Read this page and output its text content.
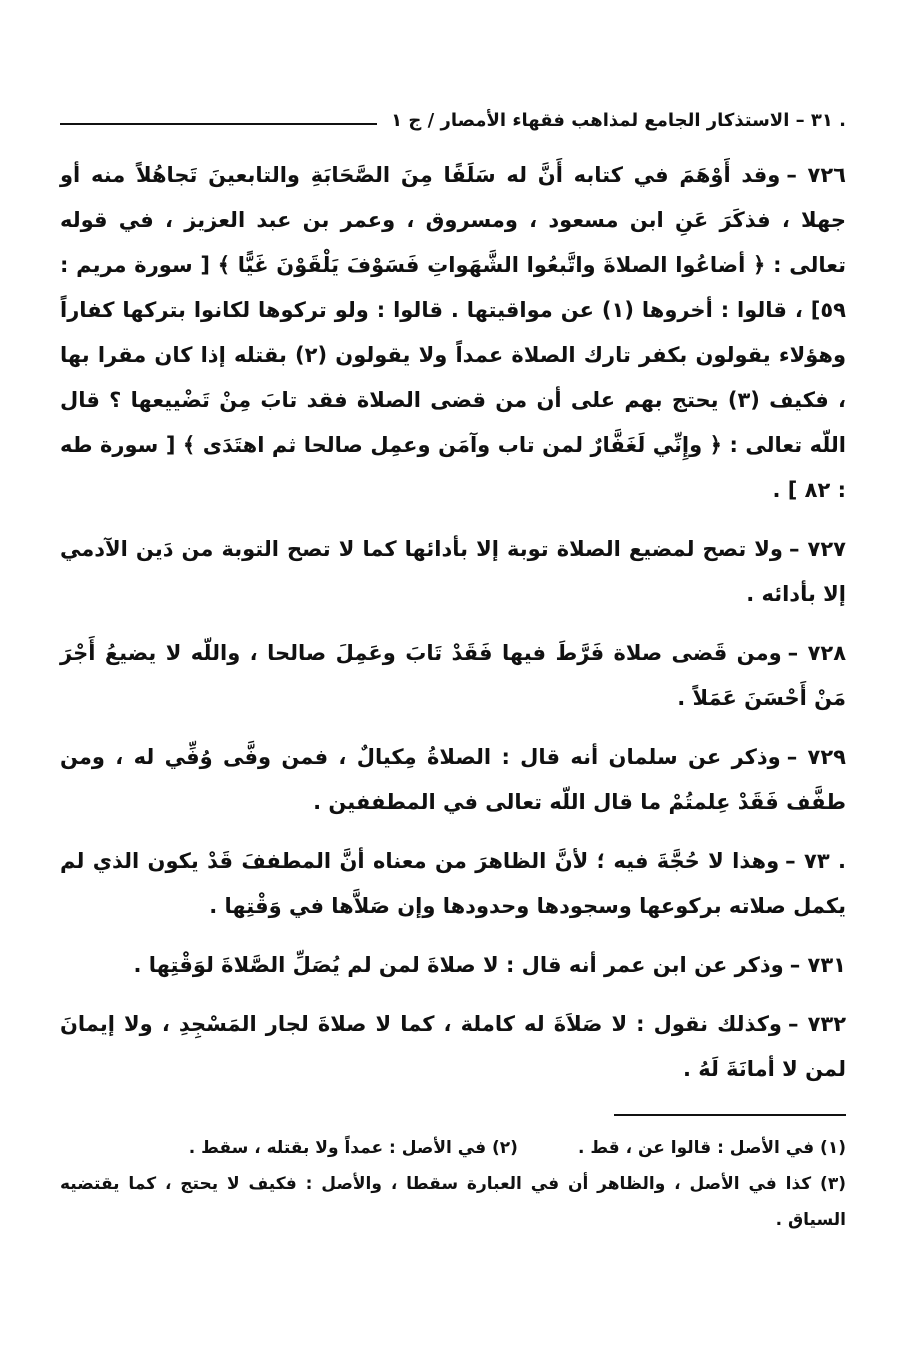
. ٣١ – الاستذكار الجامع لمذاهب فقهاء الأمصار / ج ١

٧٢٦ –وقد أَوْهَمَ في كتابه أَنَّ له سَلَفًا مِنَ الصَّحَابَةِ والتابعينَ تَجاهُلاً منه أو جهلا ، فذكَرَ عَنِ ابن مسعود ، ومسروق ، وعمر بن عبد العزيز ، في قوله تعالى : ﴿ أضاعُوا الصلاةَ واتَّبعُوا الشَّهَواتِ فَسَوْفَ يَلْقَوْنَ غَيًّا ﴾ [ سورة مريم : ٥٩] ، قالوا : أخروها (١) عن مواقيتها . قالوا : ولو تركوها لكانوا بتركها كفاراً وهؤلاء يقولون بكفر تارك الصلاة عمداً ولا يقولون (٢) بقتله إذا كان مقرا بها ، فكيف (٣) يحتج بهم على أن من قضى الصلاة فقد تابَ مِنْ تَضْييعها ؟ قال اللّه تعالى : ﴿ وإِنِّي لَغَفَّارٌ لمن تاب وآمَن وعمِل صالحا ثم اهتَدَى ﴾ [ سورة طه : ٨٢ ] .

٧٢٧ –ولا تصح لمضيع الصلاة توبة إلا بأدائها كما لا تصح التوبة من دَين الآدمي إلا بأدائه .

٧٢٨ –ومن قَضى صلاة فَرَّطَ فيها فَقَدْ تَابَ وعَمِلَ صالحا ، واللّه لا يضيعُ أَجْرَ مَنْ أَحْسَنَ عَمَلاً .

٧٢٩ –وذكر عن سلمان أنه قال : الصلاةُ مِكيالٌ ، فمن وفَّى وُفِّي له ، ومن طفَّف فَقَدْ عِلمتُمْ ما قال اللّه تعالى في المطففين .

. ٧٣ –وهذا لا حُجَّةَ فيه ؛ لأنَّ الظاهرَ من معناه أنَّ المطففَ قَدْ يكون الذي لم يكمل صلاته بركوعها وسجودها وحدودها وإن صَلاَّها في وَقْتِها .

٧٣١ –وذكر عن ابن عمر أنه قال : لا صلاةَ لمن لم يُصَلِّ الصَّلاةَ لوَقْتِها .

٧٣٢ –وكذلك نقول : لا صَلاَةَ له كاملة ، كما لا صلاةَ لجار المَسْجِدِ ، ولا إيمانَ لمن لا أمانَةَ لَهُ .

(١) في الأصل : قالوا عن ، قط .
(٢) في الأصل : عمداً ولا بقتله ، سقط .
(٣) كذا في الأصل ، والظاهر أن في العبارة سقطا ، والأصل : فكيف لا يحتج ، كما يقتضيه السياق .
